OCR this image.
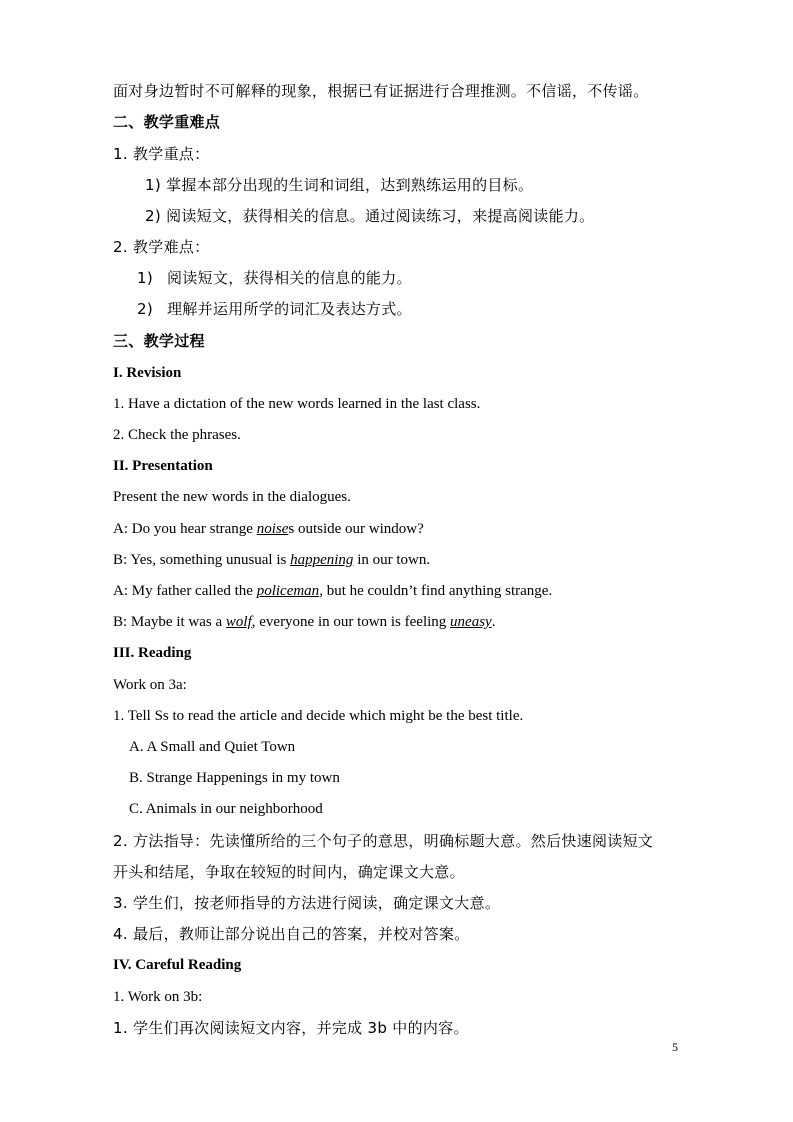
面对身边暂时不可解释的现象，根据已有证据进行合理推测。不信谣，不传谣。
二、教学重难点
1. 教学重点：
1) 掌握本部分出现的生词和词组，达到熟练运用的目标。
2) 阅读短文，获得相关的信息。通过阅读练习，来提高阅读能力。
2. 教学难点：
1) 阅读短文，获得相关的信息的能力。
2) 理解并运用所学的词汇及表达方式。
三、教学过程
I. Revision
1. Have a dictation of the new words learned in the last class.
2. Check the phrases.
II. Presentation
Present the new words in the dialogues.
A: Do you hear strange noises outside our window?
B: Yes, something unusual is happening in our town.
A: My father called the policeman, but he couldn’t find anything strange.
B: Maybe it was a wolf, everyone in our town is feeling uneasy.
III. Reading
Work on 3a:
1. Tell Ss to read the article and decide which might be the best title.
A. A Small and Quiet Town
B. Strange Happenings in my town
C. Animals in our neighborhood
2. 方法指导：先读懂所给的三个句子的意思，明确标题大意。然后快速阅读短文
开头和结尾，争取在较短的时间内，确定课文大意。
3. 学生们，按老师指导的方法进行阅读，确定课文大意。
4. 最后，教师让部分说出自己的答案，并校对答案。
IV. Careful Reading
1. Work on 3b:
1. 学生们再次阅读短文内容，并完成 3b 中的内容。
5
